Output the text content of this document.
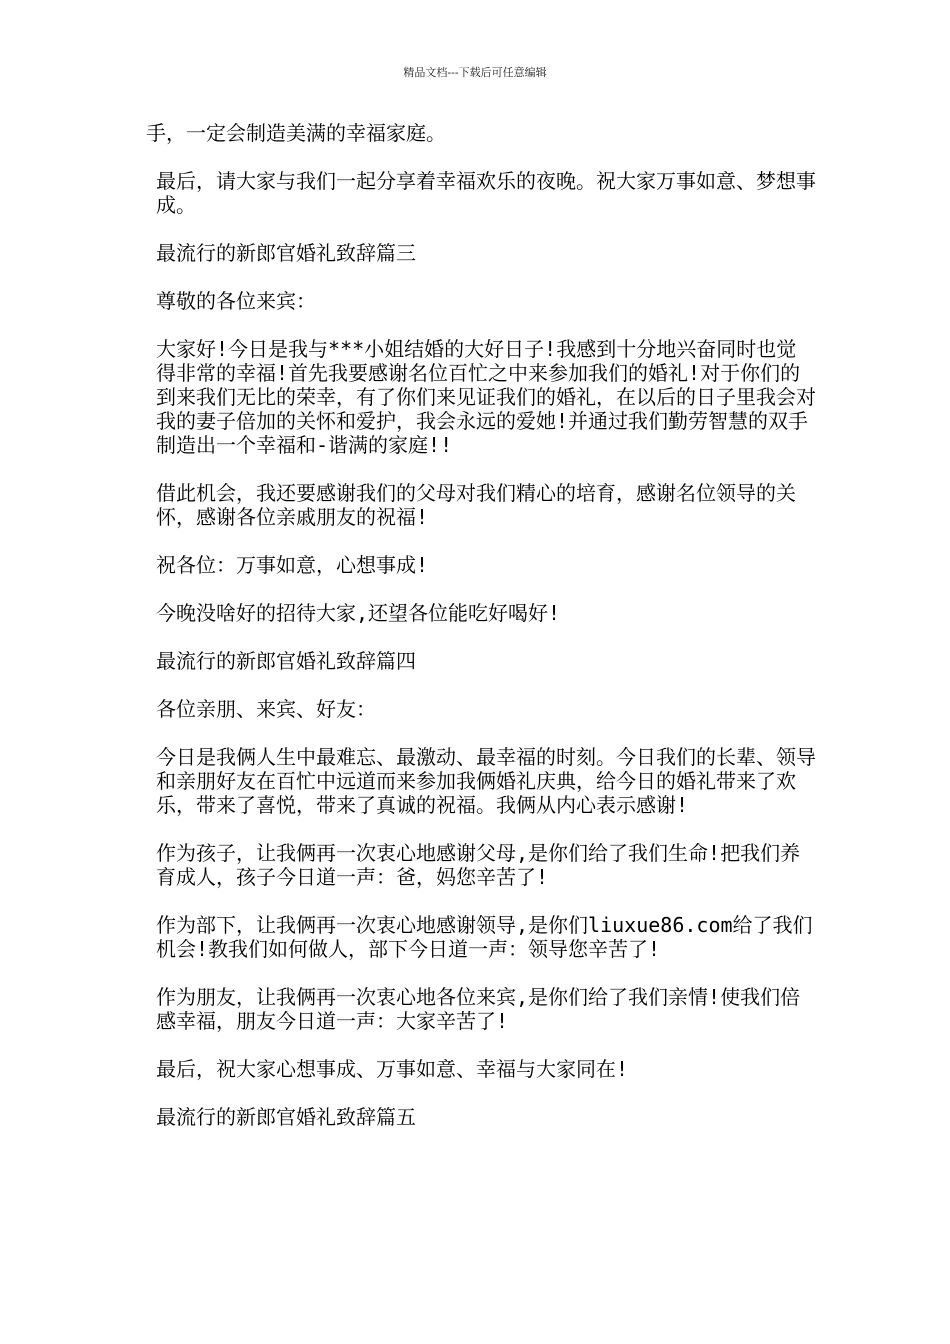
精品文档---下载后可任意编辑

手，一定会制造美满的幸福家庭。

最后，请大家与我们一起分享着幸福欢乐的夜晚。祝大家万事如意、梦想事成。

最流行的新郎官婚礼致辞篇三

尊敬的各位来宾：

大家好!今日是我与***小姐结婚的大好日子!我感到十分地兴奋同时也觉得非常的幸福!首先我要感谢名位百忙之中来参加我们的婚礼!对于你们的到来我们无比的荣幸，有了你们来见证我们的婚礼，在以后的日子里我会对我的妻子倍加的关怀和爱护，我会永远的爱她!并通过我们勤劳智慧的双手制造出一个幸福和-谐满的家庭!!

借此机会，我还要感谢我们的父母对我们精心的培育，感谢名位领导的关怀，感谢各位亲戚朋友的祝福!

祝各位：万事如意，心想事成!

今晚没啥好的招待大家,还望各位能吃好喝好!

最流行的新郎官婚礼致辞篇四

各位亲朋、来宾、好友：

今日是我俩人生中最难忘、最激动、最幸福的时刻。今日我们的长辈、领导和亲朋好友在百忙中远道而来参加我俩婚礼庆典，给今日的婚礼带来了欢乐，带来了喜悦，带来了真诚的祝福。我俩从内心表示感谢!

作为孩子，让我俩再一次衷心地感谢父母,是你们给了我们生命!把我们养育成人，孩子今日道一声：爸，妈您辛苦了!

作为部下，让我俩再一次衷心地感谢领导,是你们liuxue86.com给了我们机会!教我们如何做人，部下今日道一声：领导您辛苦了!

作为朋友，让我俩再一次衷心地各位来宾,是你们给了我们亲情!使我们倍感幸福，朋友今日道一声：大家辛苦了!

最后，祝大家心想事成、万事如意、幸福与大家同在!

最流行的新郎官婚礼致辞篇五
